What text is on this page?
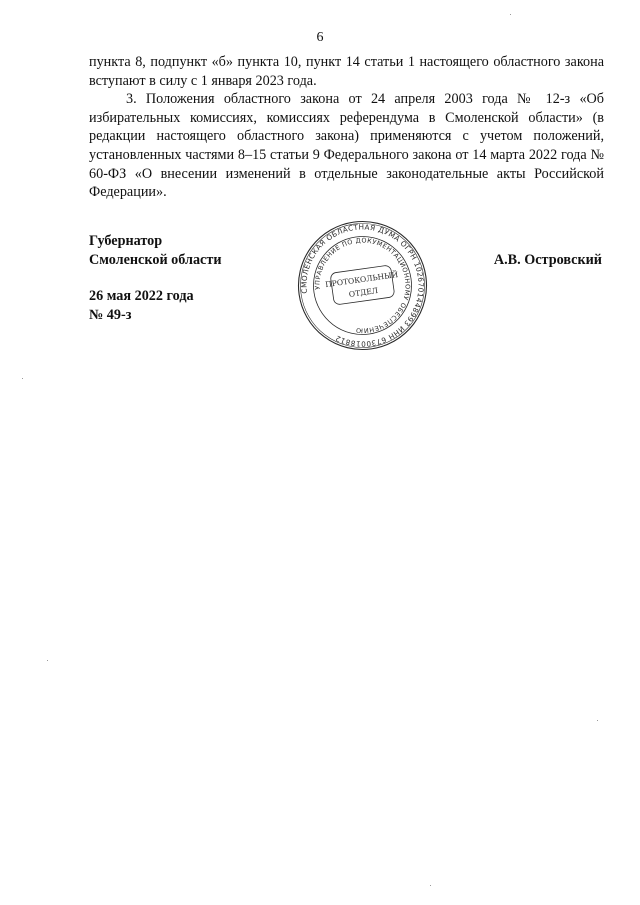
6

пункта 8, подпункт «б» пункта 10, пункт 14 статьи 1 настоящего областного закона вступают в силу с 1 января 2023 года.

3. Положения областного закона от 24 апреля 2003 года № 12-з «Об избирательных комиссиях, комиссиях референдума в Смоленской области» (в редакции настоящего областного закона) применяются с учетом положений, установленных частями 8–15 статьи 9 Федерального закона от 14 марта 2022 года № 60-ФЗ «О внесении изменений в отдельные законодательные акты Российской Федерации».

Губернатор
Смоленской области
26 мая 2022 года
№ 49-з
А.В. Островский
СМОЛЕНСКАЯ ОБЛАСТНАЯ ДУМА ОГРН 1026701448993 ИНН 6730018812
УПРАВЛЕНИЕ ПО ДОКУМЕНТАЦИОННОМУ ОБЕСПЕЧЕНИЮ
ПРОТОКОЛЬНЫЙ
ОТДЕЛ
